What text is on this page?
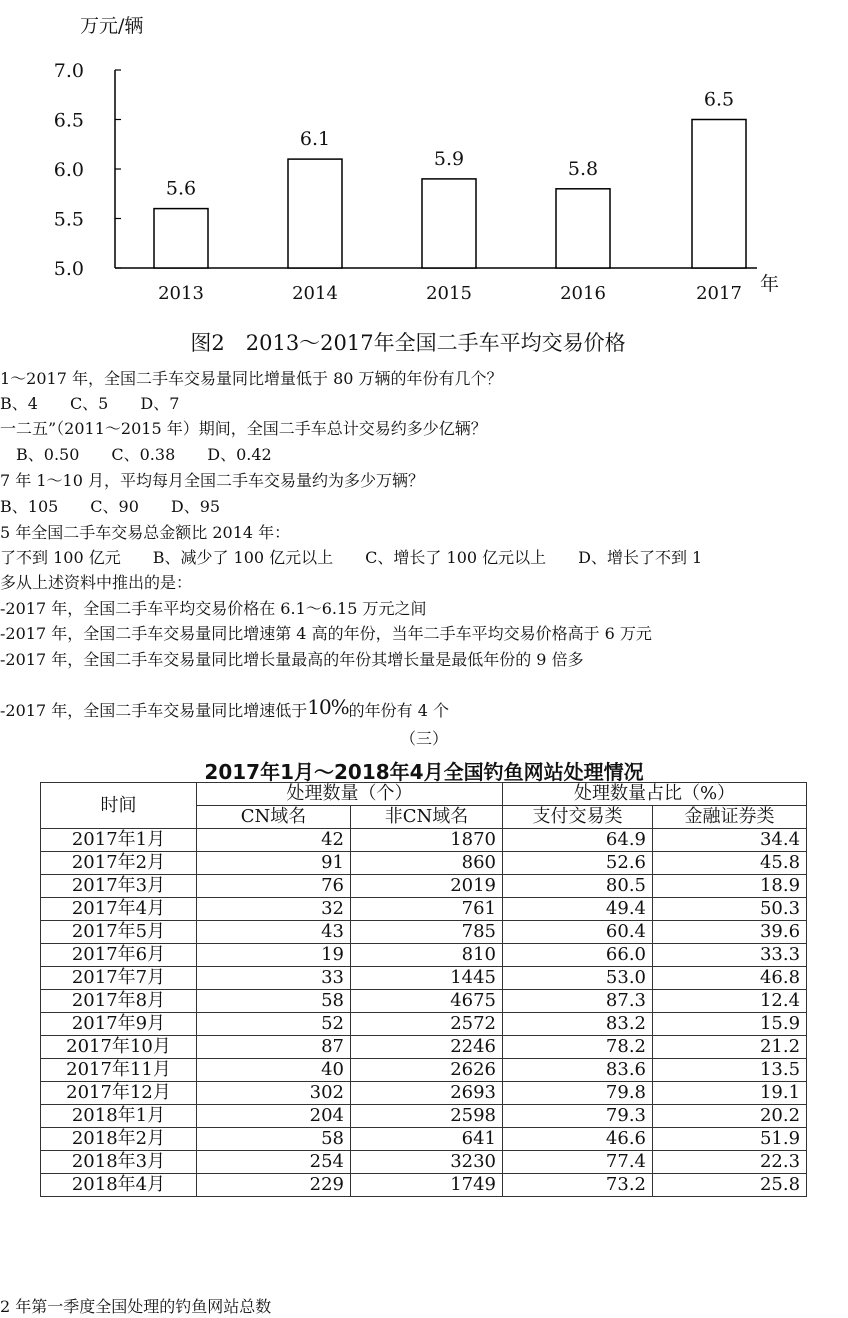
万元/辆
5.0
5.5
6.0
6.5
7.0
5.6
6.1
5.9	5.8
6.5
2013	2014	2015	2016	2017 年
图2　2013～2017年全国二手车平均交易价格
1～2017 年，全国二手车交易量同比增量低于 80 万辆的年份有几个？
B、4　　C、5　　D、7
一二五”（2011～2015 年）期间，全国二手车总计交易约多少亿辆？
　B、0.50　　C、0.38　　D、0.42
7 年 1～10 月，平均每月全国二手车交易量约为多少万辆？
B、105　　C、90　　D、95
5 年全国二手车交易总金额比 2014 年：
了不到 100 亿元　　B、减少了 100 亿元以上　　C、增长了 100 亿元以上　　D、增长了不到 1
多从上述资料中推出的是：
-2017 年，全国二手车平均交易价格在 6.1～6.15 万元之间
-2017 年，全国二手车交易量同比增速第 4 高的年份，当年二手车平均交易价格高于 6 万元
-2017 年，全国二手车交易量同比增长量最高的年份其增长量是最低年份的 9 倍多
-2017 年，全国二手车交易量同比增速低于10%的年份有 4 个
（三）
2017年1月～2018年4月全国钓鱼网站处理情况
时间	处理数量（个）		处理数量占比（%）	
	CN域名	非CN域名	支付交易类	金融证券类
2017年1月	42	1870	64.9	34.4
2017年2月	91	860	52.6	45.8
2017年3月	76	2019	80.5	18.9
2017年4月	32	761	49.4	50.3
2017年5月	43	785	60.4	39.6
2017年6月	19	810	66.0	33.3
2017年7月	33	1445	53.0	46.8
2017年8月	58	4675	87.3	12.4
2017年9月	52	2572	83.2	15.9
2017年10月	87	2246	78.2	21.2
2017年11月	40	2626	83.6	13.5
2017年12月	302	2693	79.8	19.1
2018年1月	204	2598	79.3	20.2
2018年2月	58	641	46.6	51.9
2018年3月	254	3230	77.4	22.3
2018年4月	229	1749	73.2	25.8
2 年第一季度全国处理的钓鱼网站总数
